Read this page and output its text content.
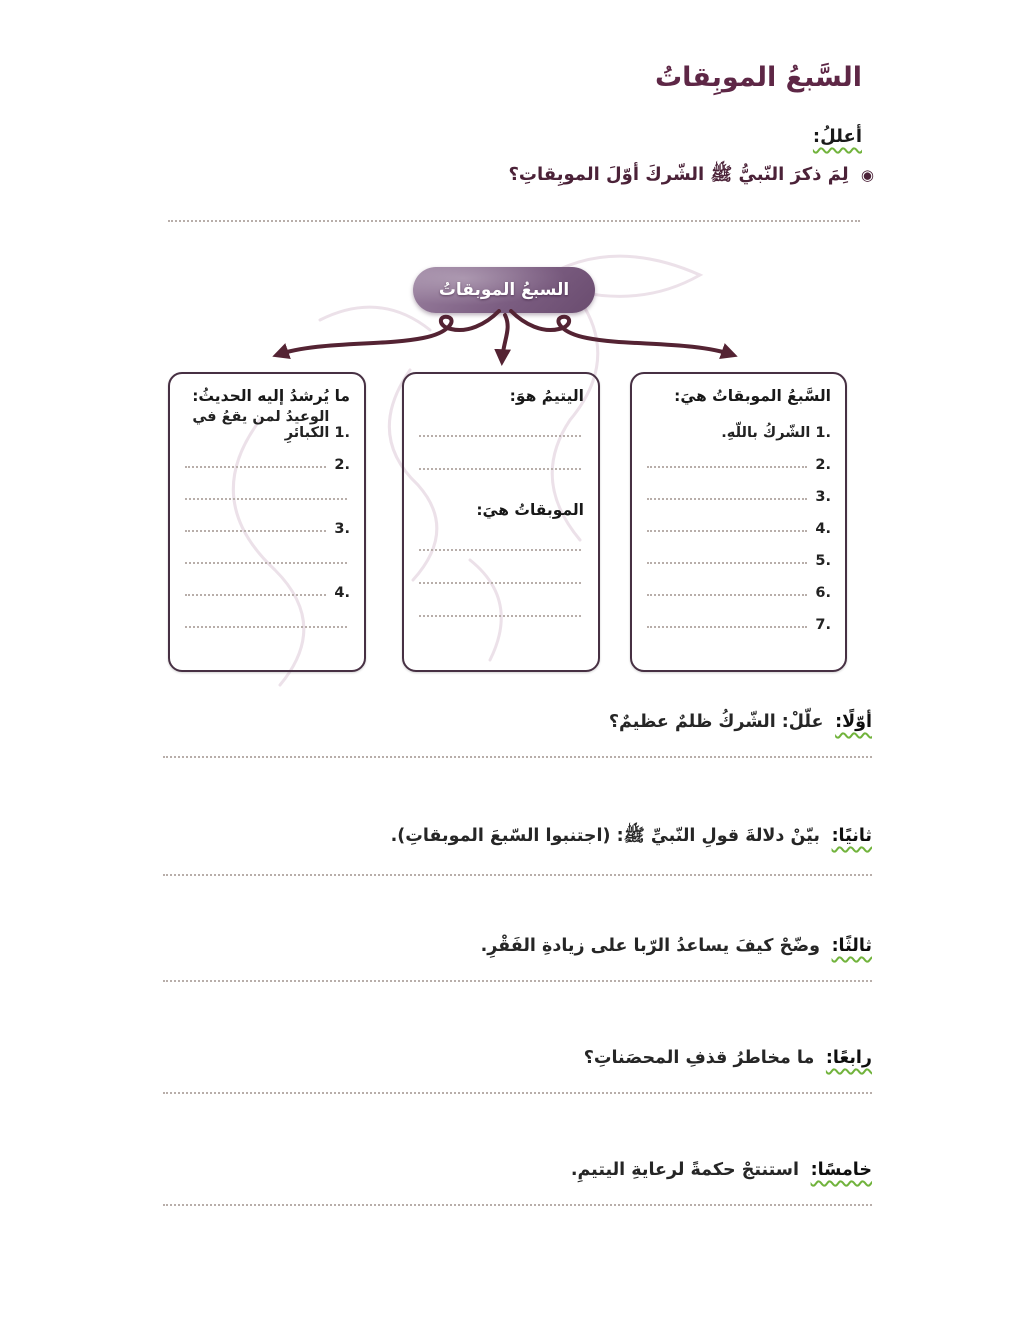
السَّبعُ الموبِقاتُ
أعللُ:
◉ لِمَ ذكرَ النّبيُّ ﷺ الشّركَ أوّلَ الموبِقاتِ؟
السبعُ الموبقاتُ
السَّبعُ الموبقاتُ هيَ:
1.
الشّركُ باللّهِ.
2.
3.
4.
5.
6.
7.
اليتيمُ هوَ:
الموبقاتُ هيَ:
ما يُرشدُ إليه الحديثُ:
1.
الوعيدُ لمن يقعُ في الكبائرِ
2.
3.
4.
أوّلًا: علّلْ: الشّركُ ظلمٌ عظيمٌ؟
ثانيًا: بيّنْ دلالةَ قولِ النّبيِّ ﷺ: (اجتنبوا السّبعَ الموبقاتِ).
ثالثًا: وضّحْ كيفَ يساعدُ الرّبا على زيادةِ الفَقْرِ.
رابعًا: ما مخاطرُ قذفِ المحصَناتِ؟
خامسًا: استنتجْ حكمةً لرعايةِ اليتيمِ.
